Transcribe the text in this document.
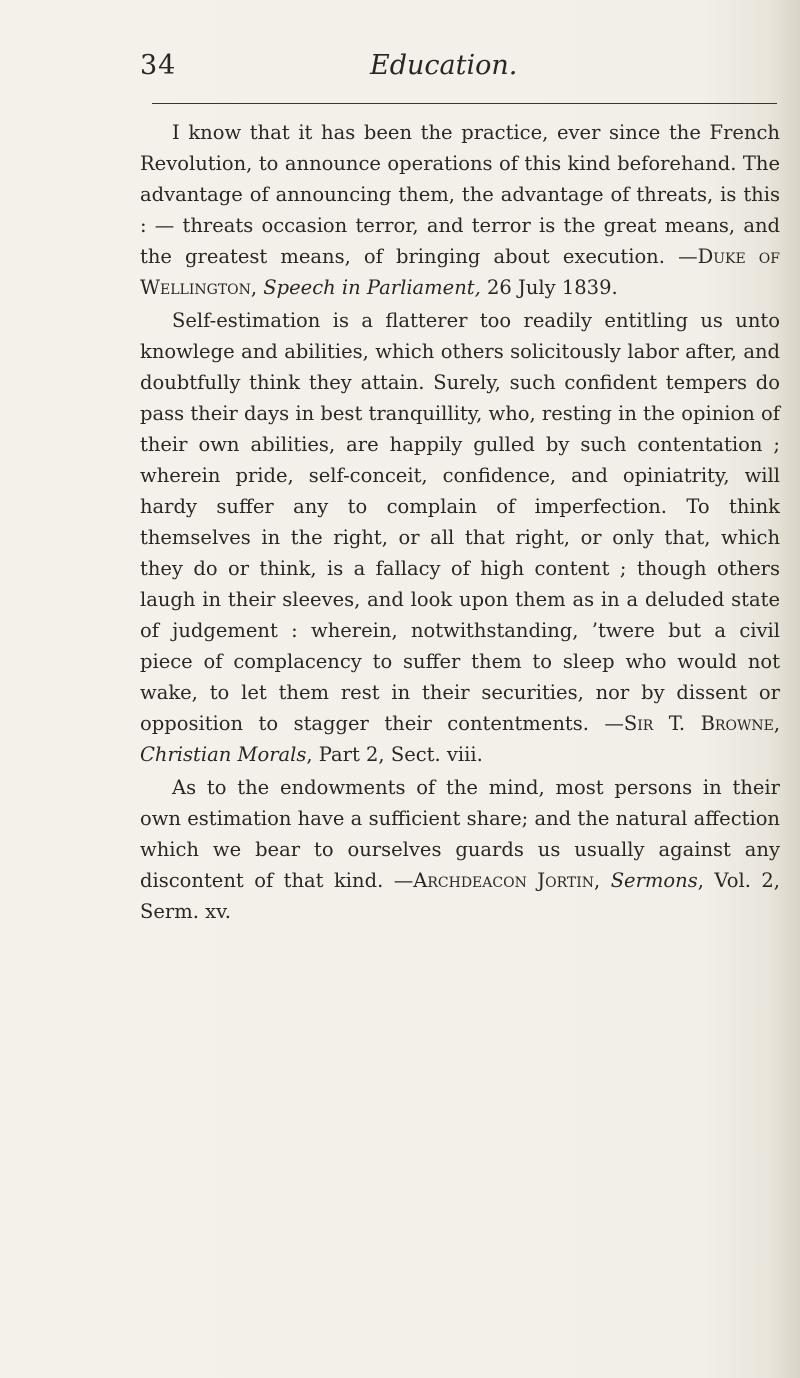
34	Education.

I know that it has been the practice, ever since the French Revolution, to announce operations of this kind beforehand. The advantage of announcing them, the advantage of threats, is this : — threats occasion terror, and terror is the great means, and the greatest means, of bringing about execution. —Duke of Wellington, Speech in Parliament, 26 July 1839.

Self-estimation is a flatterer too readily entitling us unto knowlege and abilities, which others solicitously labor after, and doubtfully think they attain. Surely, such confident tempers do pass their days in best tranquillity, who, resting in the opinion of their own abilities, are happily gulled by such contentation ; wherein pride, self-conceit, confidence, and opiniatrity, will hardy suffer any to complain of imperfection. To think themselves in the right, or all that right, or only that, which they do or think, is a fallacy of high content ; though others laugh in their sleeves, and look upon them as in a deluded state of judgement : wherein, notwithstanding, ’twere but a civil piece of complacency to suffer them to sleep who would not wake, to let them rest in their securities, nor by dissent or opposition to stagger their contentments. —Sir T. Browne, Christian Morals, Part 2, Sect. viii.

As to the endowments of the mind, most persons in their own estimation have a sufficient share; and the natural affection which we bear to ourselves guards us usually against any discontent of that kind. —Archdeacon Jortin, Sermons, Vol. 2, Serm. xv.
